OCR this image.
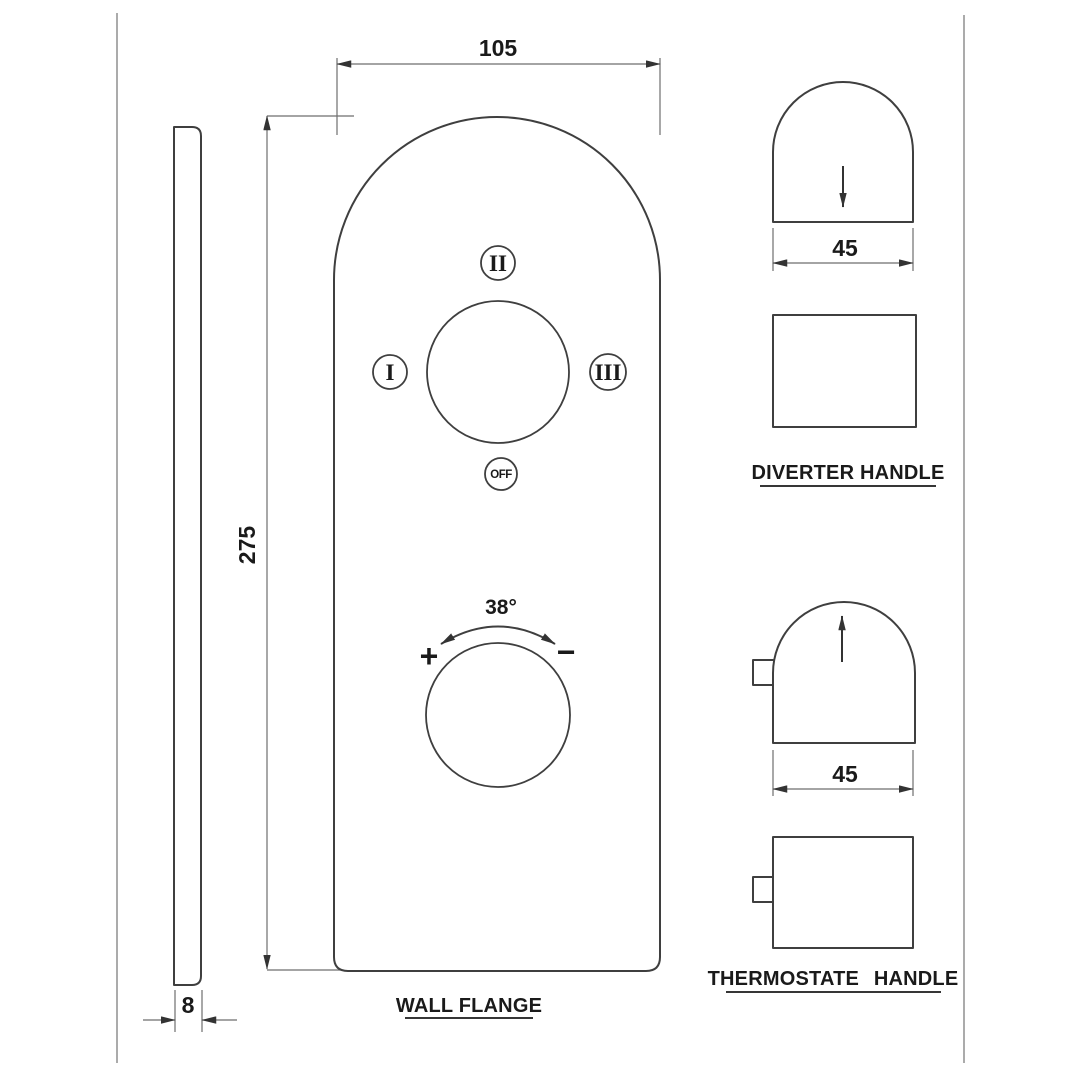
275
8
105
II
I	III
OFF
38°
+	−
WALL FLANGE
45
DIVERTER HANDLE
45
THERMOSTATE HANDLE
